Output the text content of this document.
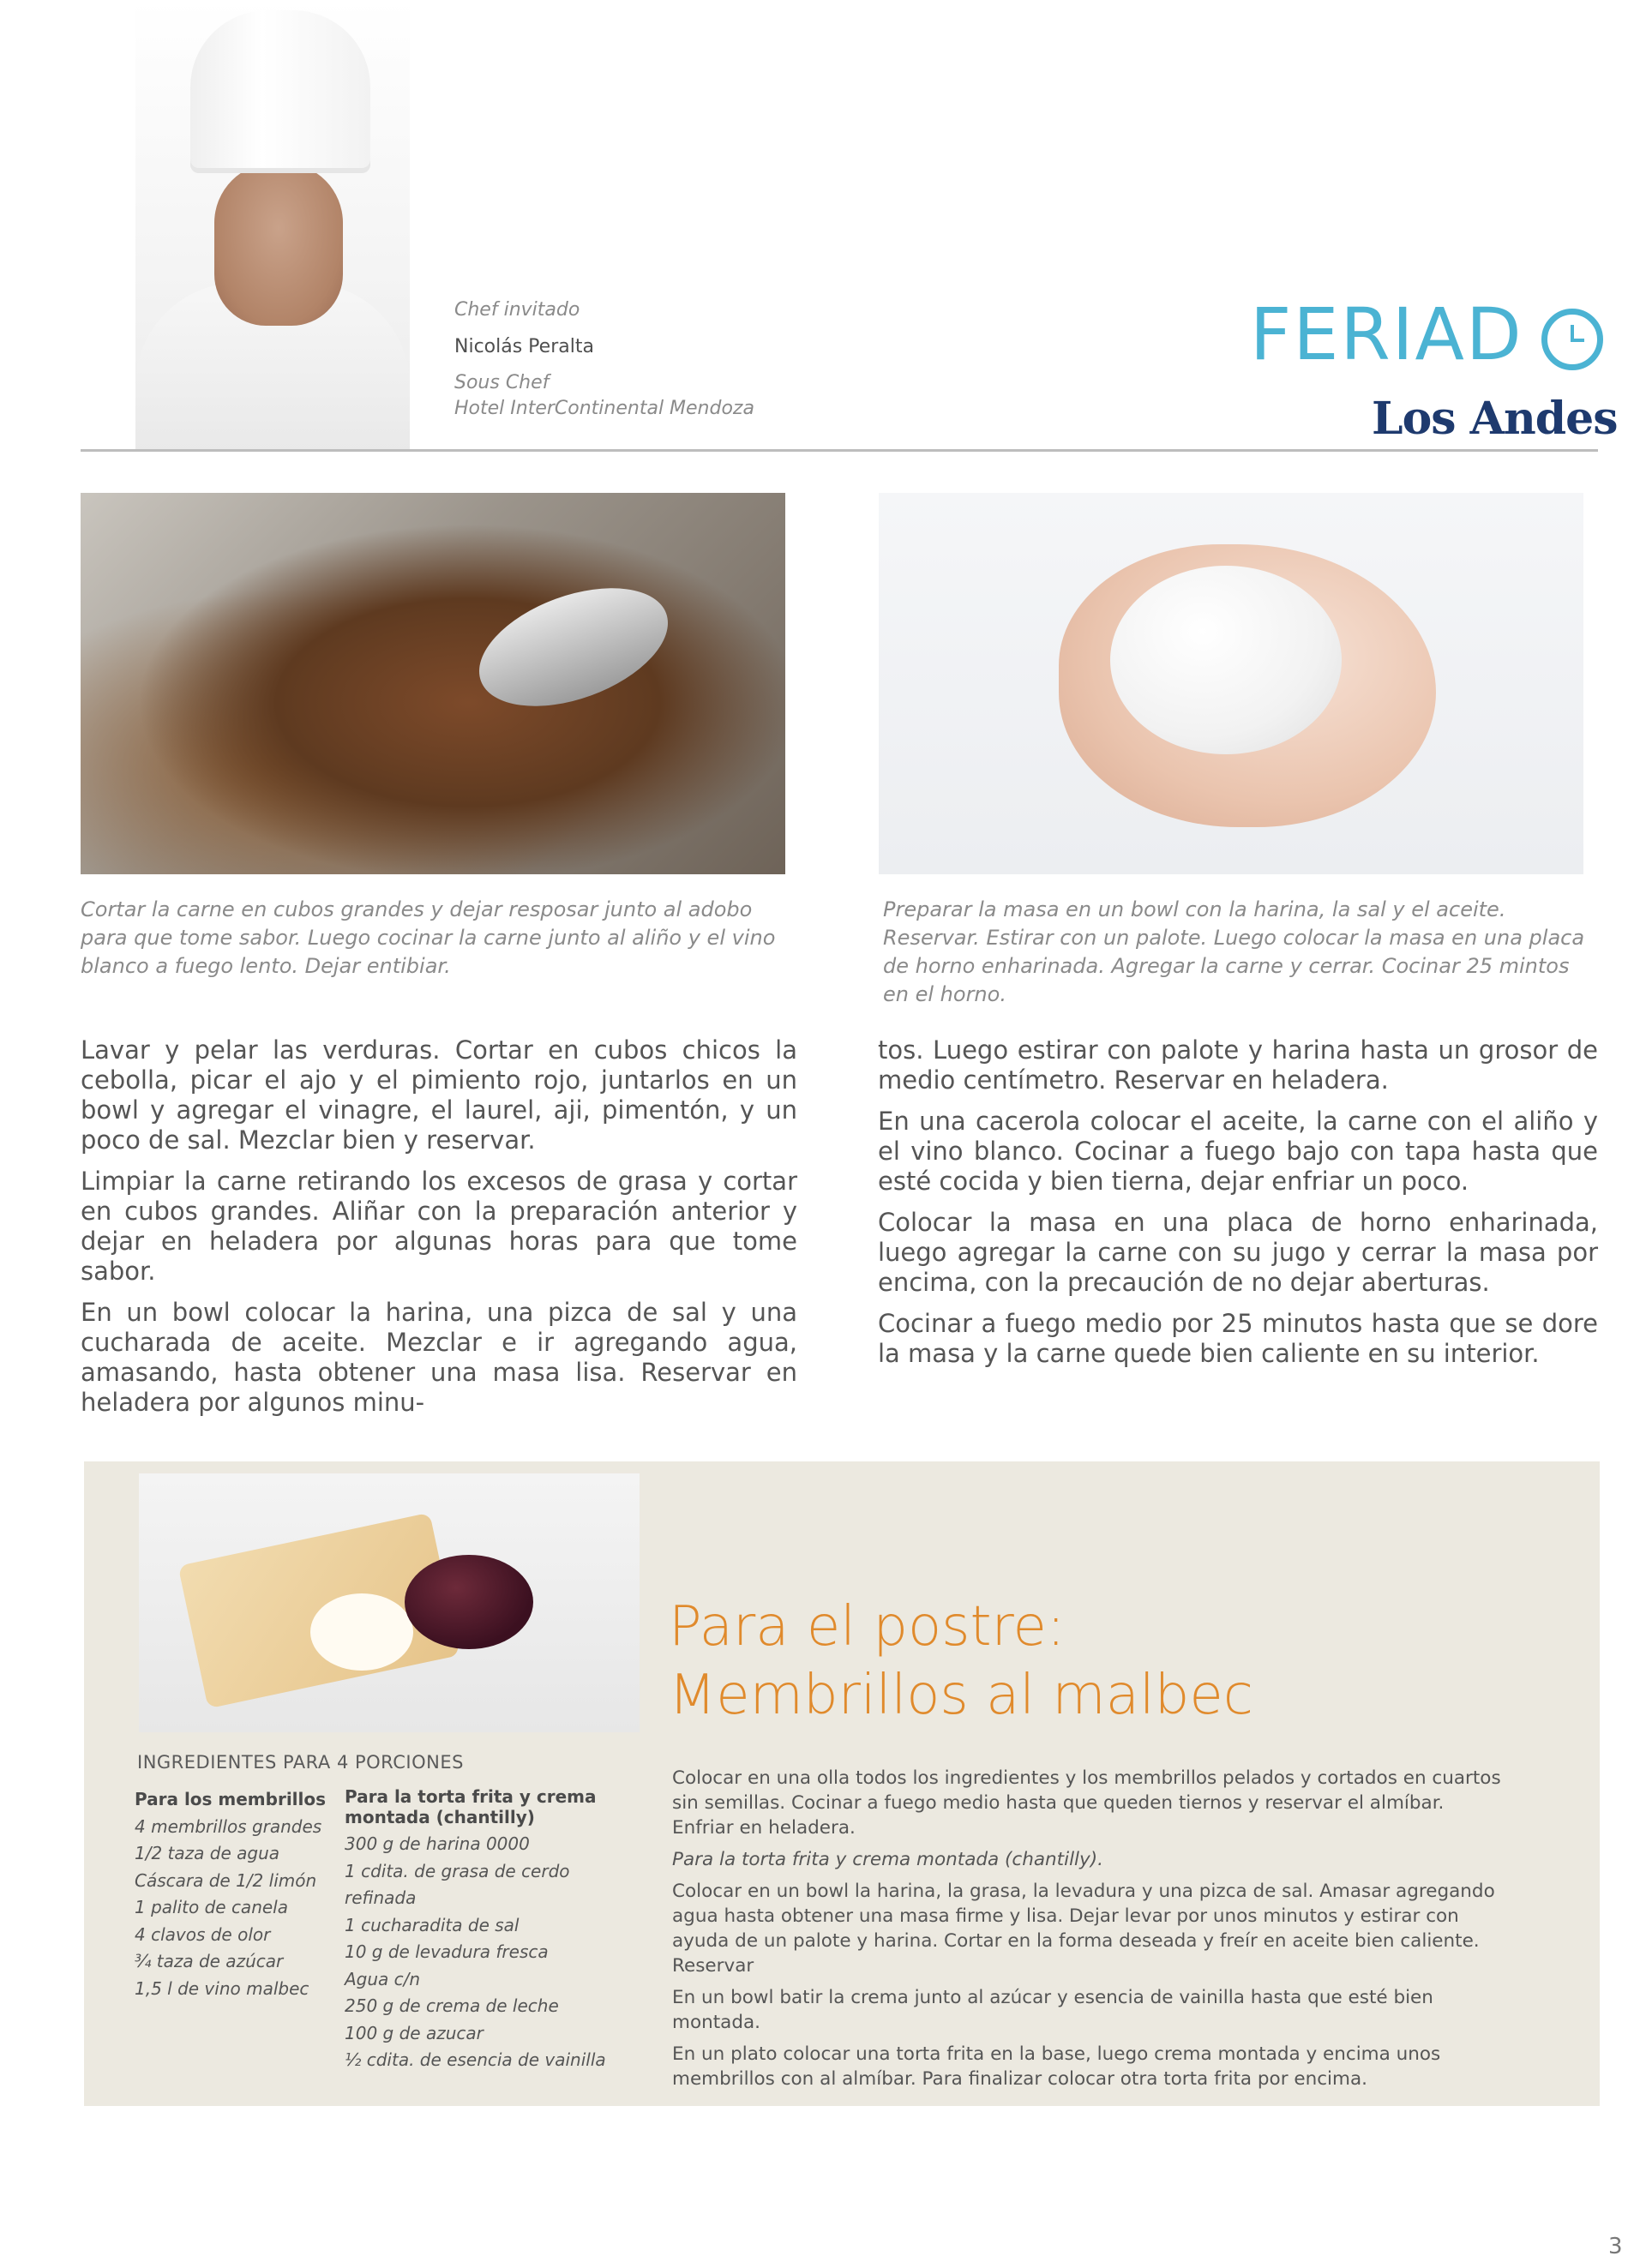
Chef invitado
Nicolás Peralta
Sous Chef
Hotel InterContinental Mendoza
FERIAD
Los Andes
Cortar la carne en cubos grandes y dejar resposar junto al adobo para que tome sabor. Luego cocinar la carne junto al aliño y el vino blanco a fuego lento. Dejar entibiar.
Preparar la masa en un bowl con la harina, la sal y el aceite. Reservar. Estirar con un palote. Luego colocar la masa en una placa de horno enharinada. Agregar la carne y cerrar. Cocinar 25 mintos en el horno.

Lavar y pelar las verduras. Cortar en cubos chicos la cebolla, picar el ajo y el pimiento rojo, juntarlos en un bowl y agregar el vinagre, el laurel, aji, pimentón, y un poco de sal. Mezclar bien y reservar.

Limpiar la carne retirando los excesos de grasa y cortar en cubos grandes. Aliñar con la preparación anterior y dejar en heladera por algunas horas para que tome sabor.

En un bowl colocar la harina, una pizca de sal y una cucharada de aceite. Mezclar e ir agregando agua, amasando, hasta obtener una masa lisa. Reservar en heladera por algunos minu-

tos. Luego estirar con palote y harina hasta un grosor de medio centímetro. Reservar en heladera.

En una cacerola colocar el aceite, la carne con el aliño y el vino blanco. Cocinar a fuego bajo con tapa hasta que esté cocida y bien tierna, dejar enfriar un poco.

Colocar la masa en una placa de horno enharinada, luego agregar la carne con su jugo y cerrar la masa por encima, con la precaución de no dejar aberturas.

Cocinar a fuego medio por 25 minutos hasta que se dore la masa y la carne quede bien caliente en su interior.

Para el postre:
Membrillos al malbec
INGREDIENTES PARA 4 PORCIONES
Para los membrillos
4 membrillos grandes
1/2 taza de agua
Cáscara de 1/2 limón
1 palito de canela
4 clavos de olor
¾ taza de azúcar
1,5 l de vino malbec
Para la torta frita y crema
montada (chantilly)
300 g de harina 0000
1 cdita. de grasa de cerdo refinada
1 cucharadita de sal
10 g de levadura fresca
Agua c/n
250 g de crema de leche
100 g de azucar
½ cdita. de esencia de vainilla

Colocar en una olla todos los ingredientes y los membrillos pelados y cortados en cuartos sin semillas. Cocinar a fuego medio hasta que queden tiernos y reservar el almíbar. Enfriar en heladera.

Para la torta frita y crema montada (chantilly).

Colocar en un bowl la harina, la grasa, la levadura y una pizca de sal. Amasar agregando agua hasta obtener una masa firme y lisa. Dejar levar por unos minutos y estirar con ayuda de un palote y harina. Cortar en la forma deseada y freír en aceite bien caliente. Reservar

En un bowl batir la crema junto al azúcar y esencia de vainilla hasta que esté bien montada.

En un plato colocar una torta frita en la base, luego crema montada y encima unos membrillos con al almíbar. Para finalizar colocar otra torta frita por encima.

3
